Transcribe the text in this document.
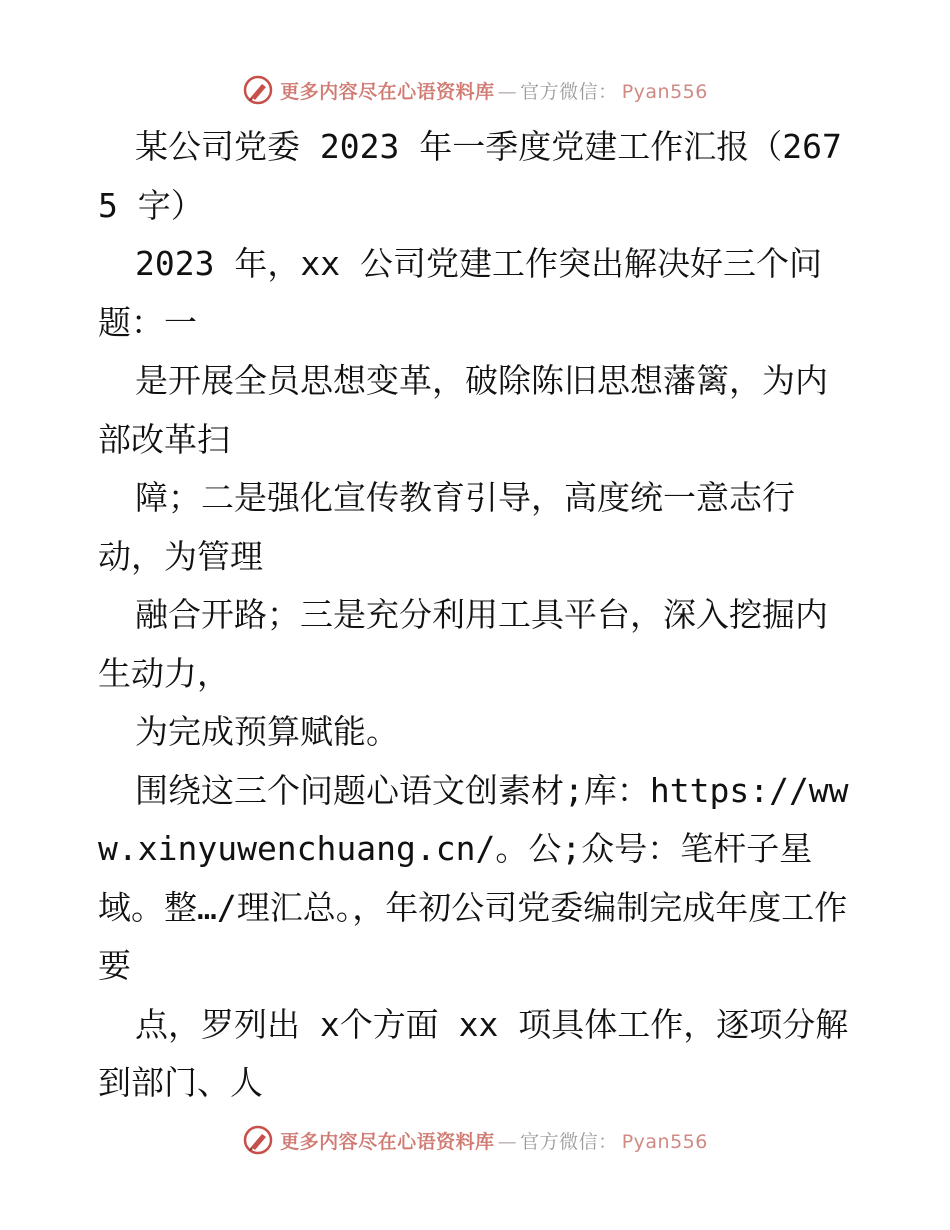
更多内容尽在心语资料库 — 官方微信： Pyan556

某公司党委 2023 年一季度党建工作汇报（2675 字）

2023 年，xx 公司党建工作突出解决好三个问题：一

是开展全员思想变革，破除陈旧思想藩篱，为内部改革扫

障；二是强化宣传教育引导，高度统一意志行动，为管理

融合开路；三是充分利用工具平台，深入挖掘内生动力，

为完成预算赋能。

围绕这三个问题心语文创素材;库：https://www.xinyuwenchuang.cn/。公;众号：笔杆子星域。整…/理汇总。，年初公司党委编制完成年度工作要

点，罗列出 x个方面 xx 项具体工作，逐项分解到部门、人

更多内容尽在心语资料库 — 官方微信： Pyan556
